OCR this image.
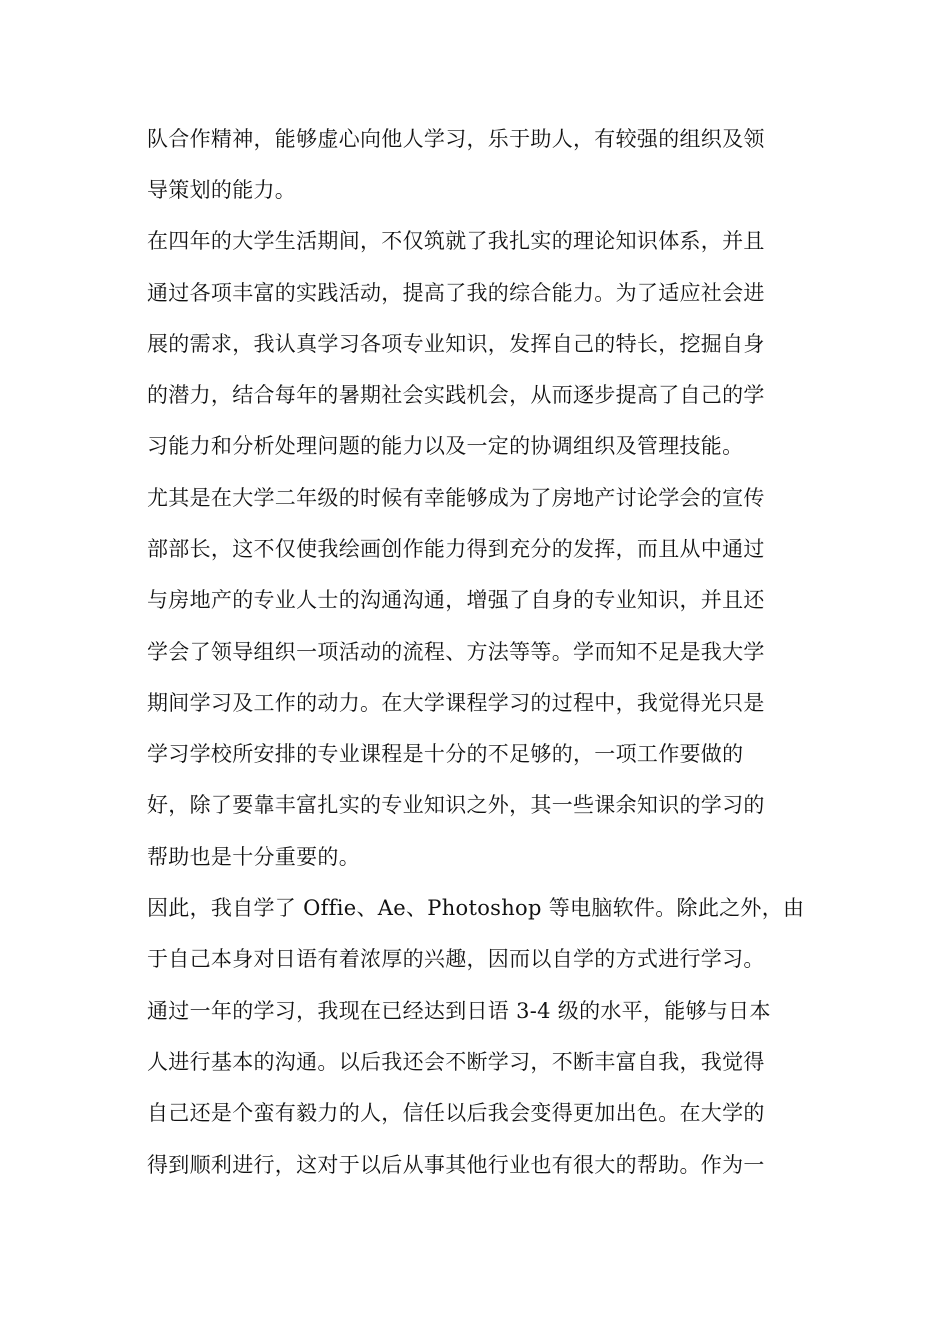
队合作精神，能够虚心向他人学习，乐于助人，有较强的组织及领
导策划的能力。
在四年的大学生活期间，不仅筑就了我扎实的理论知识体系，并且
通过各项丰富的实践活动，提高了我的综合能力。为了适应社会进
展的需求，我认真学习各项专业知识，发挥自己的特长，挖掘自身
的潜力，结合每年的暑期社会实践机会，从而逐步提高了自己的学
习能力和分析处理问题的能力以及一定的协调组织及管理技能。
尤其是在大学二年级的时候有幸能够成为了房地产讨论学会的宣传
部部长，这不仅使我绘画创作能力得到充分的发挥，而且从中通过
与房地产的专业人士的沟通沟通，增强了自身的专业知识，并且还
学会了领导组织一项活动的流程、方法等等。学而知不足是我大学
期间学习及工作的动力。在大学课程学习的过程中，我觉得光只是
学习学校所安排的专业课程是十分的不足够的，一项工作要做的
好，除了要靠丰富扎实的专业知识之外，其一些课余知识的学习的
帮助也是十分重要的。
因此，我自学了 Offie、Ae、Photoshop 等电脑软件。除此之外，由
于自己本身对日语有着浓厚的兴趣，因而以自学的方式进行学习。
通过一年的学习，我现在已经达到日语 3-4 级的水平，能够与日本
人进行基本的沟通。以后我还会不断学习，不断丰富自我，我觉得
自己还是个蛮有毅力的人，信任以后我会变得更加出色。在大学的
得到顺利进行，这对于以后从事其他行业也有很大的帮助。作为一
